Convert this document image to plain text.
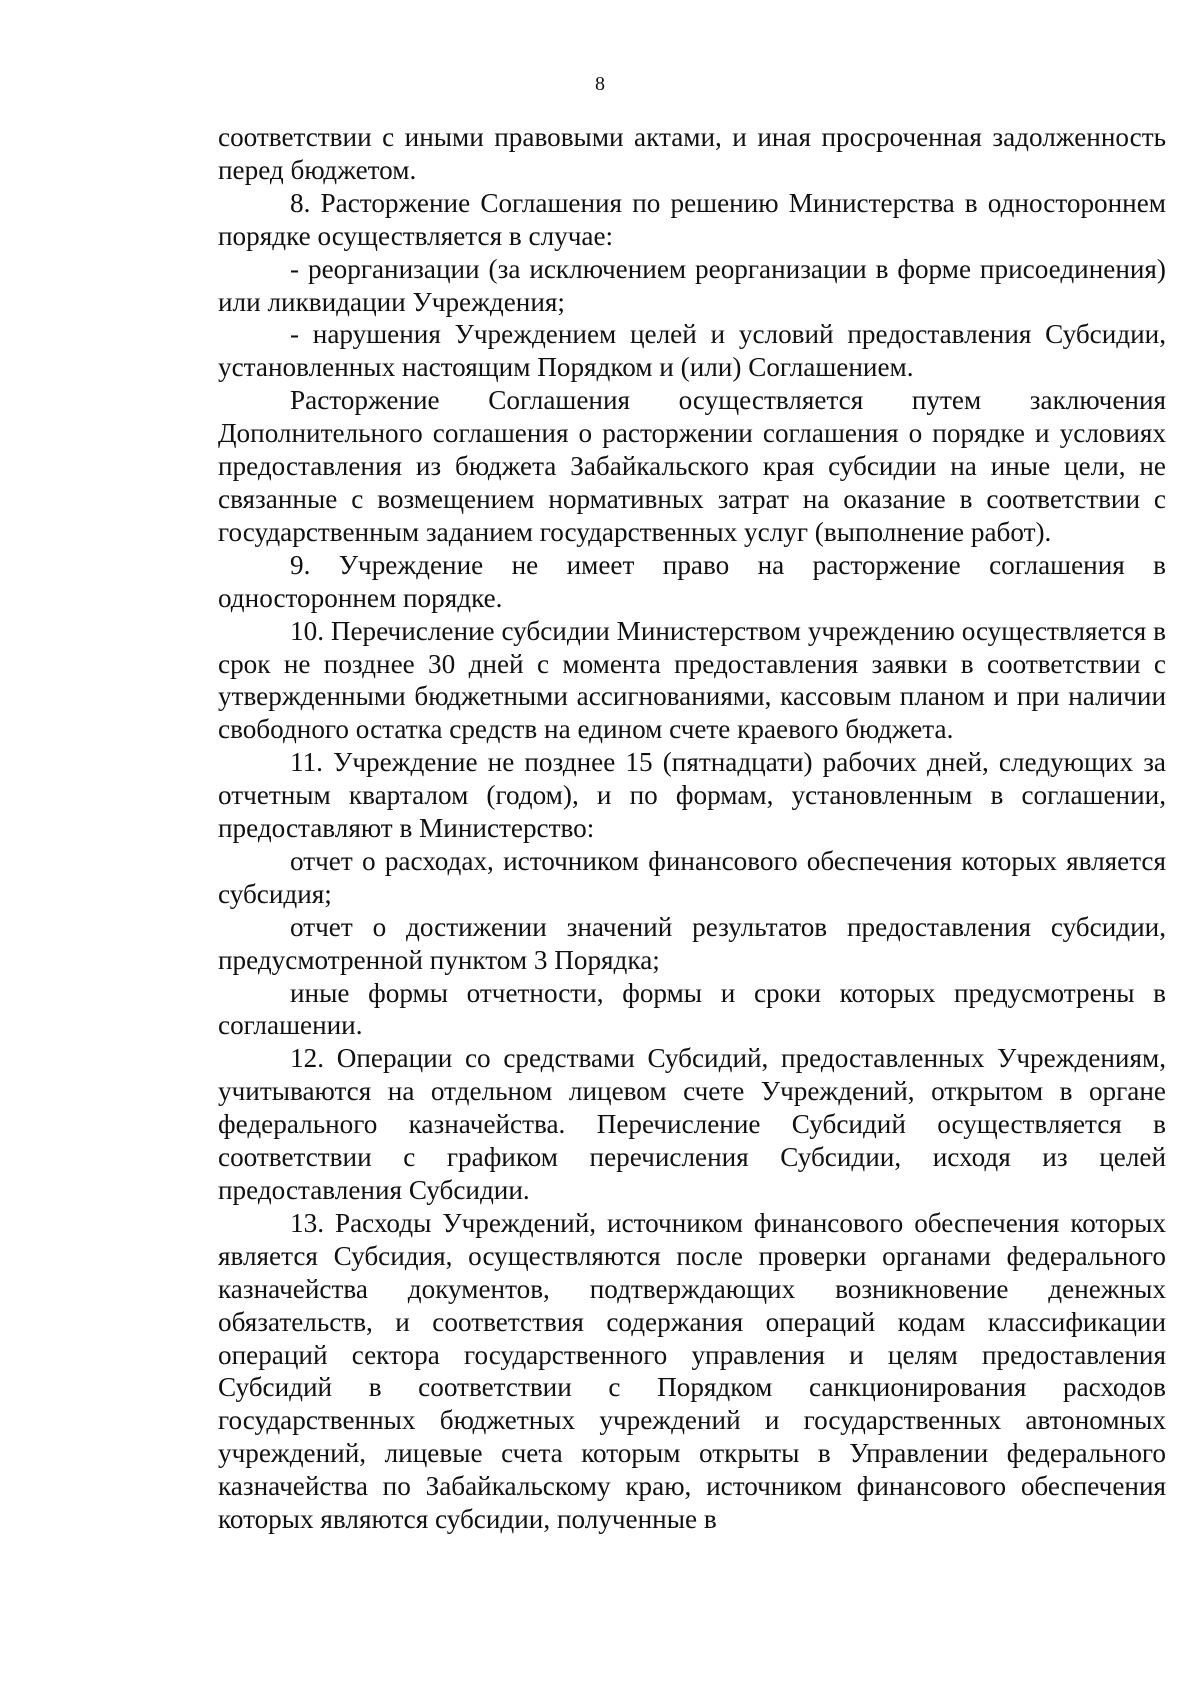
8

соответствии с иными правовыми актами, и иная просроченная задолженность перед бюджетом.

8. Расторжение Соглашения по решению Министерства в одностороннем порядке осуществляется в случае:

- реорганизации (за исключением реорганизации в форме присоединения) или ликвидации Учреждения;

- нарушения Учреждением целей и условий предоставления Субсидии, установленных настоящим Порядком и (или) Соглашением.

Расторжение Соглашения осуществляется путем заключения Дополнительного соглашения о расторжении соглашения о порядке и условиях предоставления из бюджета Забайкальского края субсидии на иные цели, не связанные с возмещением нормативных затрат на оказание в соответствии с государственным заданием государственных услуг (выполнение работ).

9. Учреждение не имеет право на расторжение соглашения в одностороннем порядке.

10. Перечисление субсидии Министерством учреждению осуществляется в срок не позднее 30 дней с момента предоставления заявки в соответствии с утвержденными бюджетными ассигнованиями, кассовым планом и при наличии свободного остатка средств на едином счете краевого бюджета.

11. Учреждение не позднее 15 (пятнадцати) рабочих дней, следующих за отчетным кварталом (годом), и по формам, установленным в соглашении, предоставляют в Министерство:

отчет о расходах, источником финансового обеспечения которых является субсидия;

отчет о достижении значений результатов предоставления субсидии, предусмотренной пунктом 3 Порядка;

иные формы отчетности, формы и сроки которых предусмотрены в соглашении.

12. Операции со средствами Субсидий, предоставленных Учреждениям, учитываются на отдельном лицевом счете Учреждений, открытом в органе федерального казначейства. Перечисление Субсидий осуществляется в соответствии с графиком перечисления Субсидии, исходя из целей предоставления Субсидии.

13. Расходы Учреждений, источником финансового обеспечения которых является Субсидия, осуществляются после проверки органами федерального казначейства документов, подтверждающих возникновение денежных обязательств, и соответствия содержания операций кодам классификации операций сектора государственного управления и целям предоставления Субсидий в соответствии с Порядком санкционирования расходов государственных бюджетных учреждений и государственных автономных учреждений, лицевые счета которым открыты в Управлении федерального казначейства по Забайкальскому краю, источником финансового обеспечения которых являются субсидии, полученные в
